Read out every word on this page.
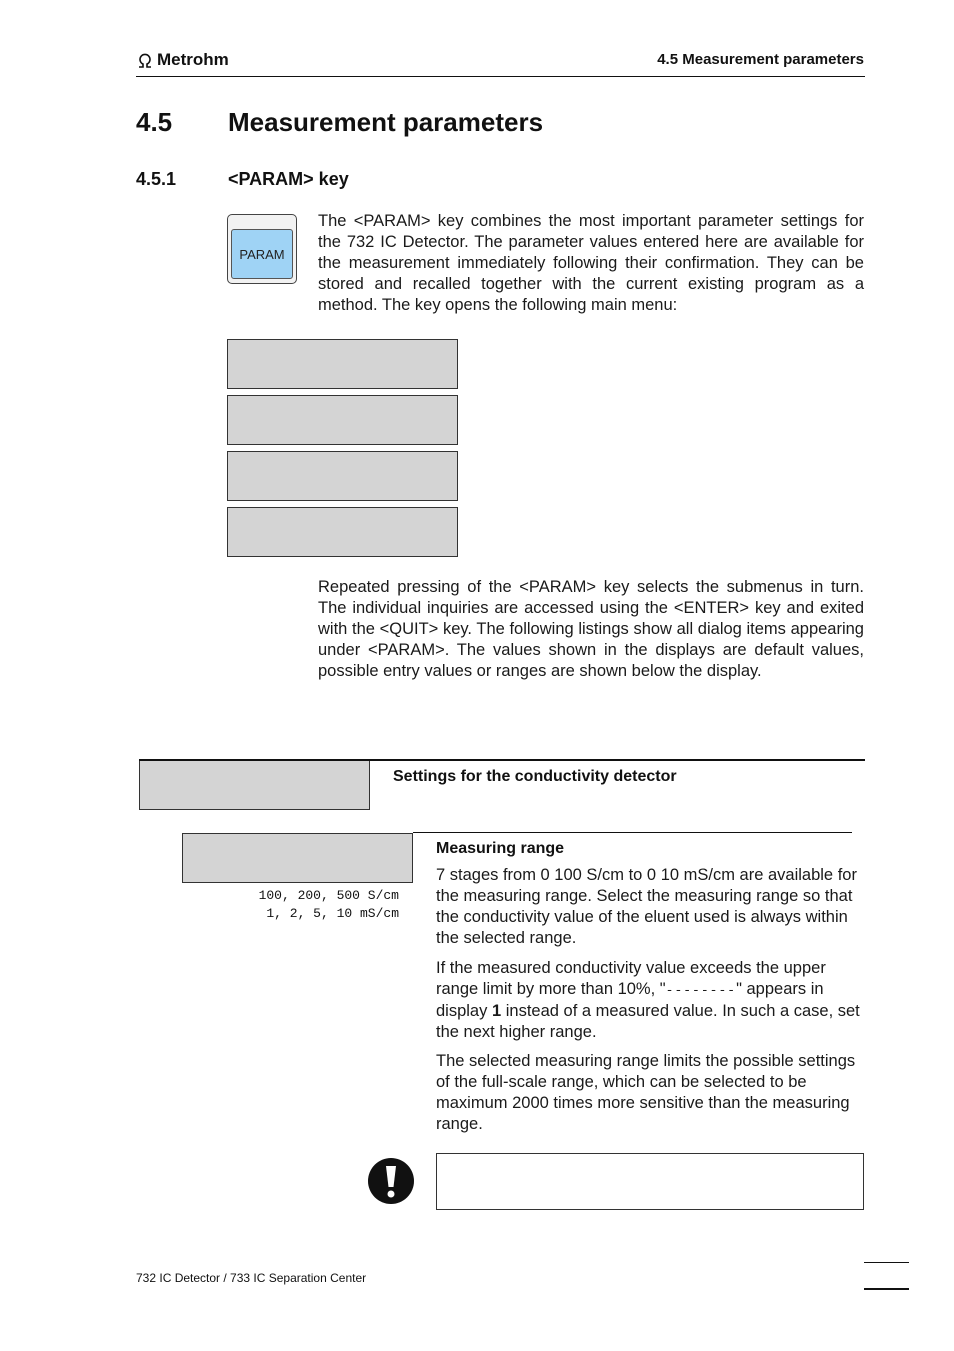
Metrohm	4.5 Measurement parameters
4.5	Measurement parameters
4.5.1	<PARAM> key
PARAM
The <PARAM> key combines the most important parameter settings for the 732 IC Detector. The parameter values entered here are available for the measurement immediately following their confirmation. They can be stored and recalled together with the current existing program as a method. The key opens the following main menu:
Repeated pressing of the <PARAM> key selects the submenus in turn. The individual inquiries are accessed using the <ENTER> key and exited with the <QUIT> key. The following listings show all dialog items appearing under <PARAM>. The values shown in the displays are default values, possible entry values or ranges are shown below the display.
Settings for the conductivity detector
Measuring range
100, 200, 500 S/cm
1, 2, 5, 10 mS/cm
7 stages from 0 100 S/cm to 0 10 mS/cm are available for the measuring range. Select the measuring range so that the conductivity value of the eluent used is always within the selected range.
If the measured conductivity value exceeds the upper range limit by more than 10%, "--------" appears in display 1 instead of a measured value. In such a case, set the next higher range.
The selected measuring range limits the possible settings of the full-scale range, which can be selected to be maximum 2000 times more sensitive than the measuring range.
732 IC Detector / 733 IC Separation Center
